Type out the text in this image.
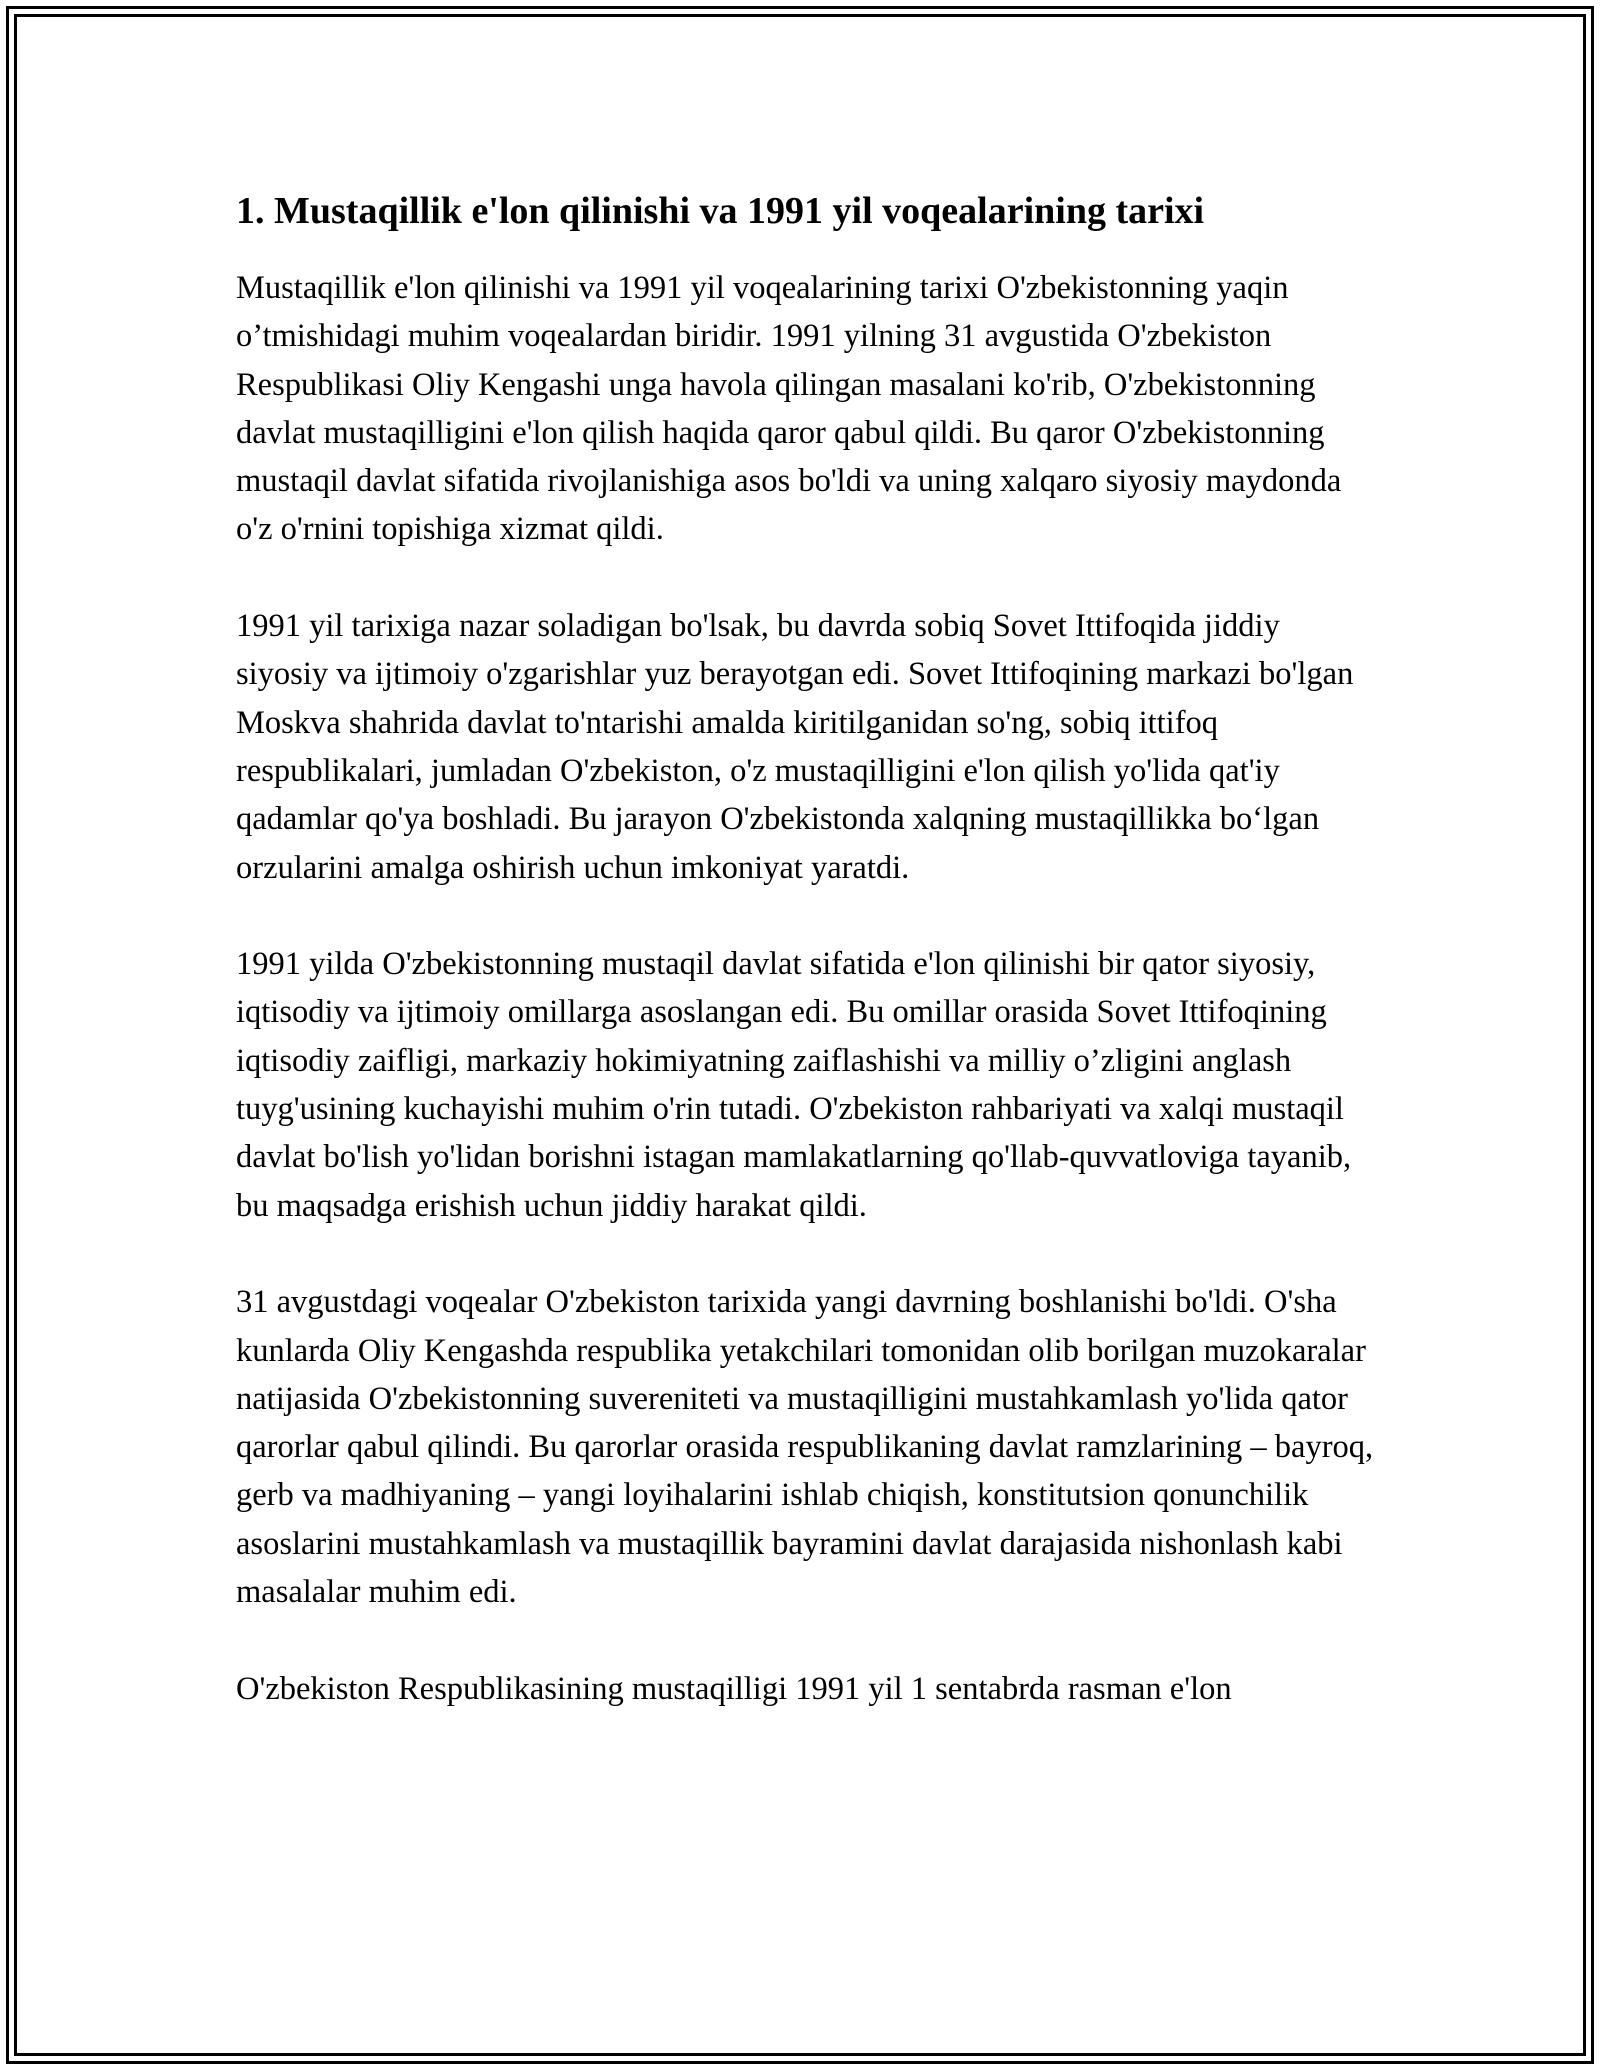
1. Mustaqillik e'lon qilinishi va 1991 yil voqealarining tarixi

Mustaqillik e'lon qilinishi va 1991 yil voqealarining tarixi O'zbekistonning yaqin o’tmishidagi muhim voqealardan biridir. 1991 yilning 31 avgustida O'zbekiston Respublikasi Oliy Kengashi unga havola qilingan masalani ko'rib, O'zbekistonning davlat mustaqilligini e'lon qilish haqida qaror qabul qildi. Bu qaror O'zbekistonning mustaqil davlat sifatida rivojlanishiga asos bo'ldi va uning xalqaro siyosiy maydonda o'z o'rnini topishiga xizmat qildi.

1991 yil tarixiga nazar soladigan bo'lsak, bu davrda sobiq Sovet Ittifoqida jiddiy siyosiy va ijtimoiy o'zgarishlar yuz berayotgan edi. Sovet Ittifoqining markazi bo'lgan Moskva shahrida davlat to'ntarishi amalda kiritilganidan so'ng, sobiq ittifoq respublikalari, jumladan O'zbekiston, o'z mustaqilligini e'lon qilish yo'lida qat'iy qadamlar qo'ya boshladi. Bu jarayon O'zbekistonda xalqning mustaqillikka bo‘lgan orzularini amalga oshirish uchun imkoniyat yaratdi.

1991 yilda O'zbekistonning mustaqil davlat sifatida e'lon qilinishi bir qator siyosiy, iqtisodiy va ijtimoiy omillarga asoslangan edi. Bu omillar orasida Sovet Ittifoqining iqtisodiy zaifligi, markaziy hokimiyatning zaiflashishi va milliy o’zligini anglash tuyg'usining kuchayishi muhim o'rin tutadi. O'zbekiston rahbariyati va xalqi mustaqil davlat bo'lish yo'lidan borishni istagan mamlakatlarning qo'llab-quvvatloviga tayanib, bu maqsadga erishish uchun jiddiy harakat qildi.

31 avgustdagi voqealar O'zbekiston tarixida yangi davrning boshlanishi bo'ldi. O'sha kunlarda Oliy Kengashda respublika yetakchilari tomonidan olib borilgan muzokaralar natijasida O'zbekistonning suvereniteti va mustaqilligini mustahkamlash yo'lida qator qarorlar qabul qilindi. Bu qarorlar orasida respublikaning davlat ramzlarining – bayroq, gerb va madhiyaning – yangi loyihalarini ishlab chiqish, konstitutsion qonunchilik asoslarini mustahkamlash va mustaqillik bayramini davlat darajasida nishonlash kabi masalalar muhim edi.

O'zbekiston Respublikasining mustaqilligi 1991 yil 1 sentabrda rasman e'lon
